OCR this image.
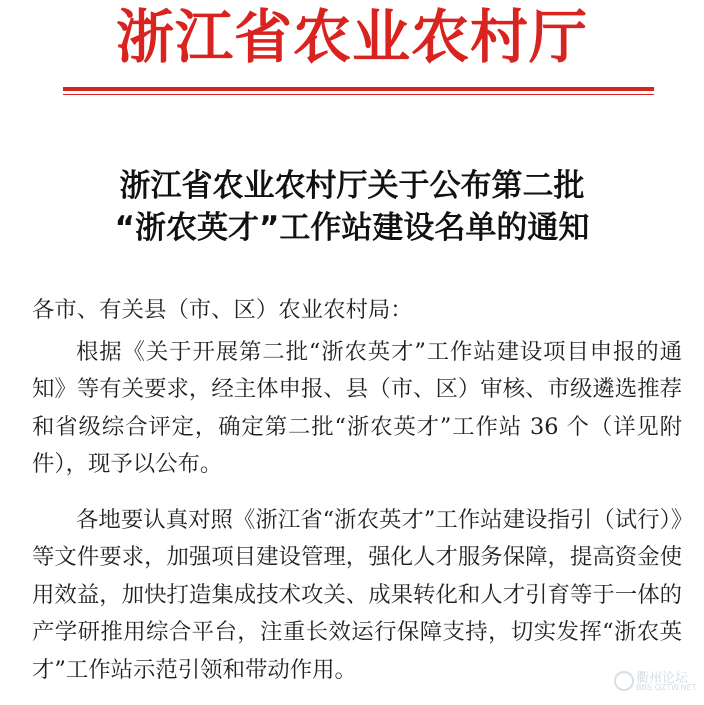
浙江省农业农村厅
浙江省农业农村厅关于公布第二批
“浙农英才”工作站建设名单的通知

各市、有关县（市、区）农业农村局：

根据《关于开展第二批“浙农英才”工作站建设项目申报的通知》等有关要求，经主体申报、县（市、区）审核、市级遴选推荐和省级综合评定，确定第二批“浙农英才”工作站 36 个（详见附件），现予以公布。

各地要认真对照《浙江省“浙农英才”工作站建设指引（试行）》等文件要求，加强项目建设管理，强化人才服务保障，提高资金使用效益，加快打造集成技术攻关、成果转化和人才引育等于一体的产学研推用综合平台，注重长效运行保障支持，切实发挥“浙农英才”工作站示范引领和带动作用。	衢州论坛
BBS.QZTW.NET
